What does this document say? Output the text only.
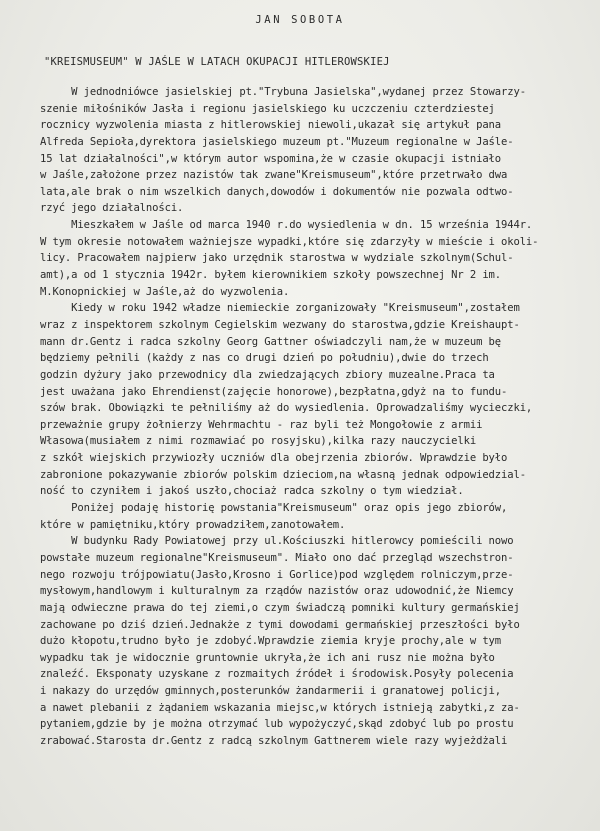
JAN SOBOTA
"KREISMUSEUM" W JAŚLE W LATACH OKUPACJI HITLEROWSKIEJ
W jednodniówce jasielskiej pt."Trybuna Jasielska",wydanej przez Stowarzy-
szenie miłośników Jasła i regionu jasielskiego ku uczczeniu czterdziestej
rocznicy wyzwolenia miasta z hitlerowskiej niewoli,ukazał się artykuł pana
Alfreda Sepioła,dyrektora jasielskiego muzeum pt."Muzeum regionalne w Jaśle-
15 lat działalności",w którym autor wspomina,że w czasie okupacji istniało
w Jaśle,założone przez nazistów tak zwane"Kreismuseum",które przetrwało dwa
lata,ale brak o nim wszelkich danych,dowodów i dokumentów nie pozwala odtwo-
rzyć jego działalności.
Mieszkałem w Jaśle od marca 1940 r.do wysiedlenia w dn. 15 września 1944r.
W tym okresie notowałem ważniejsze wypadki,które się zdarzyły w mieście i okoli-
licy. Pracowałem najpierw jako urzędnik starostwa w wydziale szkolnym(Schul-
amt),a od 1 stycznia 1942r. byłem kierownikiem szkoły powszechnej Nr 2 im.
M.Konopnickiej w Jaśle,aż do wyzwolenia.
Kiedy w roku 1942 władze niemieckie zorganizowały "Kreismuseum",zostałem
wraz z inspektorem szkolnym Cegielskim wezwany do starostwa,gdzie Kreishaupt-
mann dr.Gentz i radca szkolny Georg Gattner oświadczyli nam,że w muzeum bę
będziemy pełnili (każdy z nas co drugi dzień po południu),dwie do trzech
godzin dyżury jako przewodnicy dla zwiedzających zbiory muzealne.Praca ta
jest uważana jako Ehrendienst(zajęcie honorowe),bezpłatna,gdyż na to fundu-
szów brak. Obowiązki te pełniliśmy aż do wysiedlenia. Oprowadzaliśmy wycieczki,
przeważnie grupy żołnierzy Wehrmachtu - raz byli też Mongołowie z armii
Własowa(musiałem z nimi rozmawiać po rosyjsku),kilka razy nauczycielki
z szkół wiejskich przywiozły uczniów dla obejrzenia zbiorów. Wprawdzie było
zabronione pokazywanie zbiorów polskim dzieciom,na własną jednak odpowiedzial-
ność to czyniłem i jakoś uszło,chociaż radca szkolny o tym wiedział.
Poniżej podaję historię powstania"Kreismuseum" oraz opis jego zbiorów,
które w pamiętniku,który prowadziłem,zanotowałem.
W budynku Rady Powiatowej przy ul.Kościuszki hitlerowcy pomieścili nowo
powstałe muzeum regionalne"Kreismuseum". Miało ono dać przegląd wszechstron-
nego rozwoju trójpowiatu(Jasło,Krosno i Gorlice)pod względem rolniczym,prze-
mysłowym,handlowym i kulturalnym za rządów nazistów oraz udowodnić,że Niemcy
mają odwieczne prawa do tej ziemi,o czym świadczą pomniki kultury germańskiej
zachowane po dziś dzień.Jednakże z tymi dowodami germańskiej przeszłości było
dużo kłopotu,trudno było je zdobyć.Wprawdzie ziemia kryje prochy,ale w tym
wypadku tak je widocznie gruntownie ukryła,że ich ani rusz nie można było
znaleźć. Eksponaty uzyskane z rozmaitych źródeł i środowisk.Posyły polecenia
i nakazy do urzędów gminnych,posterunków żandarmerii i granatowej policji,
a nawet plebanii z żądaniem wskazania miejsc,w których istnieją zabytki,z za-
pytaniem,gdzie by je można otrzymać lub wypożyczyć,skąd zdobyć lub po prostu
zrabować.Starosta dr.Gentz z radcą szkolnym Gattnerem wiele razy wyjeżdżali
